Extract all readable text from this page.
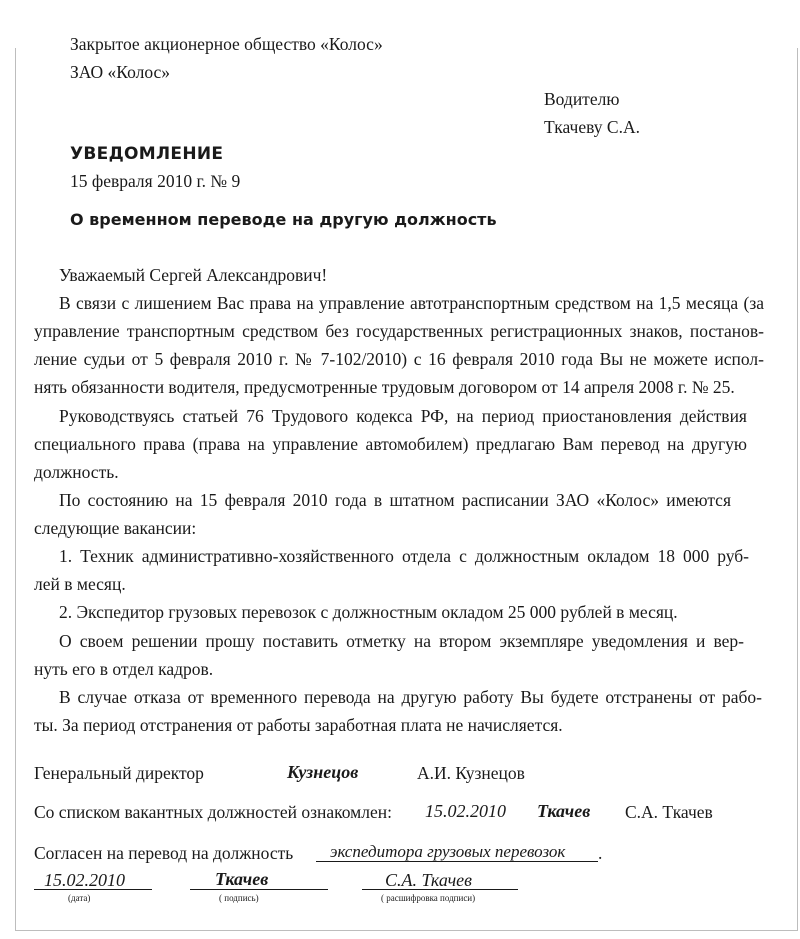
Закрытое акционерное общество «Колос»
ЗАО «Колос»
Водителю
Ткачеву С.А.
УВЕДОМЛЕНИЕ
15 февраля 2010 г. № 9
О временном переводе на другую должность
Уважаемый Сергей Александрович!
В связи с лишением Вас права на управление автотранспортным средством на 1,5 месяца (за
управление транспортным средством без государственных регистрационных знаков, постанов-
ление судьи от 5 февраля 2010 г. № 7-102/2010) с 16 февраля 2010 года Вы не можете испол-
нять обязанности водителя, предусмотренные трудовым договором от 14 апреля 2008 г. № 25.
Руководствуясь статьей 76 Трудового кодекса РФ, на период приостановления действия
специального права (права на управление автомобилем) предлагаю Вам перевод на другую
должность.
По состоянию на 15 февраля 2010 года в штатном расписании ЗАО «Колос» имеются
следующие вакансии:
1. Техник административно-хозяйственного отдела с должностным окладом 18 000 руб-
лей в месяц.
2. Экспедитор грузовых перевозок с должностным окладом 25 000 рублей в месяц.
О своем решении прошу поставить отметку на втором экземпляре уведомления и вер-
нуть его в отдел кадров.
В случае отказа от временного перевода на другую работу Вы будете отстранены от рабо-
ты. За период отстранения от работы заработная плата не начисляется.
Генеральный директор	Кузнецов	А.И. Кузнецов
Со списком вакантных должностей ознакомлен: 15.02.2010 Ткачев С.А. Ткачев
Согласен на перевод на должность экспедитора грузовых перевозок .
15.02.2010
(дата)
Ткачев
( подпись)
С.А. Ткачев
( расшифровка подписи)
